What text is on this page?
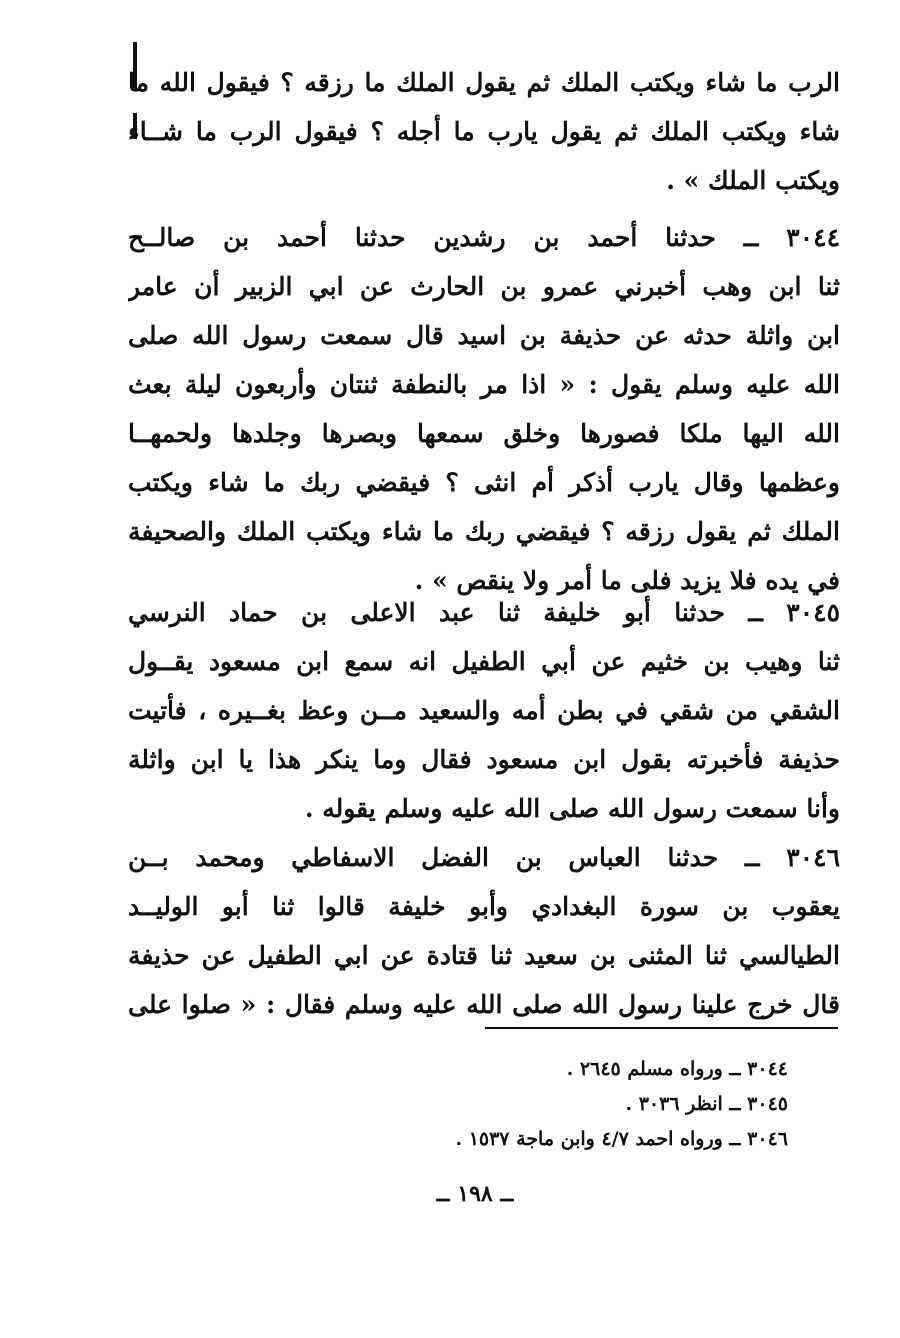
الرب ما شاء ويكتب الملك ثم يقول الملك ما رزقه ؟ فيقول الله ما
شاء ويكتب الملك ثم يقول يارب ما أجله ؟ فيقول الرب ما شــاء
ويكتب الملك » .
٣٠٤٤ ــ حدثنا أحمد بن رشدين حدثنا أحمد بن صالــح
ثنا ابن وهب أخبرني عمرو بن الحارث عن ابي الزبير أن عامر
ابن واثلة حدثه عن حذيفة بن اسيد قال سمعت رسول الله صلى
الله عليه وسلم يقول : « اذا مر بالنطفة ثنتان وأربعون ليلة بعث
الله اليها ملكا فصورها وخلق سمعها وبصرها وجلدها ولحمهــا
وعظمها وقال يارب أذكر أم انثى ؟ فيقضي ربك ما شاء ويكتب
الملك ثم يقول رزقه ؟ فيقضي ربك ما شاء ويكتب الملك والصحيفة
في يده فلا يزيد فلى ما أمر ولا ينقص » .
٣٠٤٥ ــ حدثنا أبو خليفة ثنا عبد الاعلى بن حماد النرسي
ثنا وهيب بن خثيم عن أبي الطفيل انه سمع ابن مسعود يقــول
الشقي من شقي في بطن أمه والسعيد مــن وعظ بغــيره ، فأتيت
حذيفة فأخبرته بقول ابن مسعود فقال وما ينكر هذا يا ابن واثلة
وأنا سمعت رسول الله صلى الله عليه وسلم يقوله .
٣٠٤٦ ــ حدثنا العباس بن الفضل الاسفاطي ومحمد بــن
يعقوب بن سورة البغدادي وأبو خليفة قالوا ثنا أبو الوليــد
الطيالسي ثنا المثنى بن سعيد ثنا قتادة عن ابي الطفيل عن حذيفة
قال خرج علينا رسول الله صلى الله عليه وسلم فقال : « صلوا على
٣٠٤٤ ــ ورواه مسلم ٢٦٤٥ .
٣٠٤٥ ــ انظر ٣٠٣٦ .
٣٠٤٦ ــ ورواه احمد ٤/٧ وابن ماجة ١٥٣٧ .
ــ ١٩٨ ــ
